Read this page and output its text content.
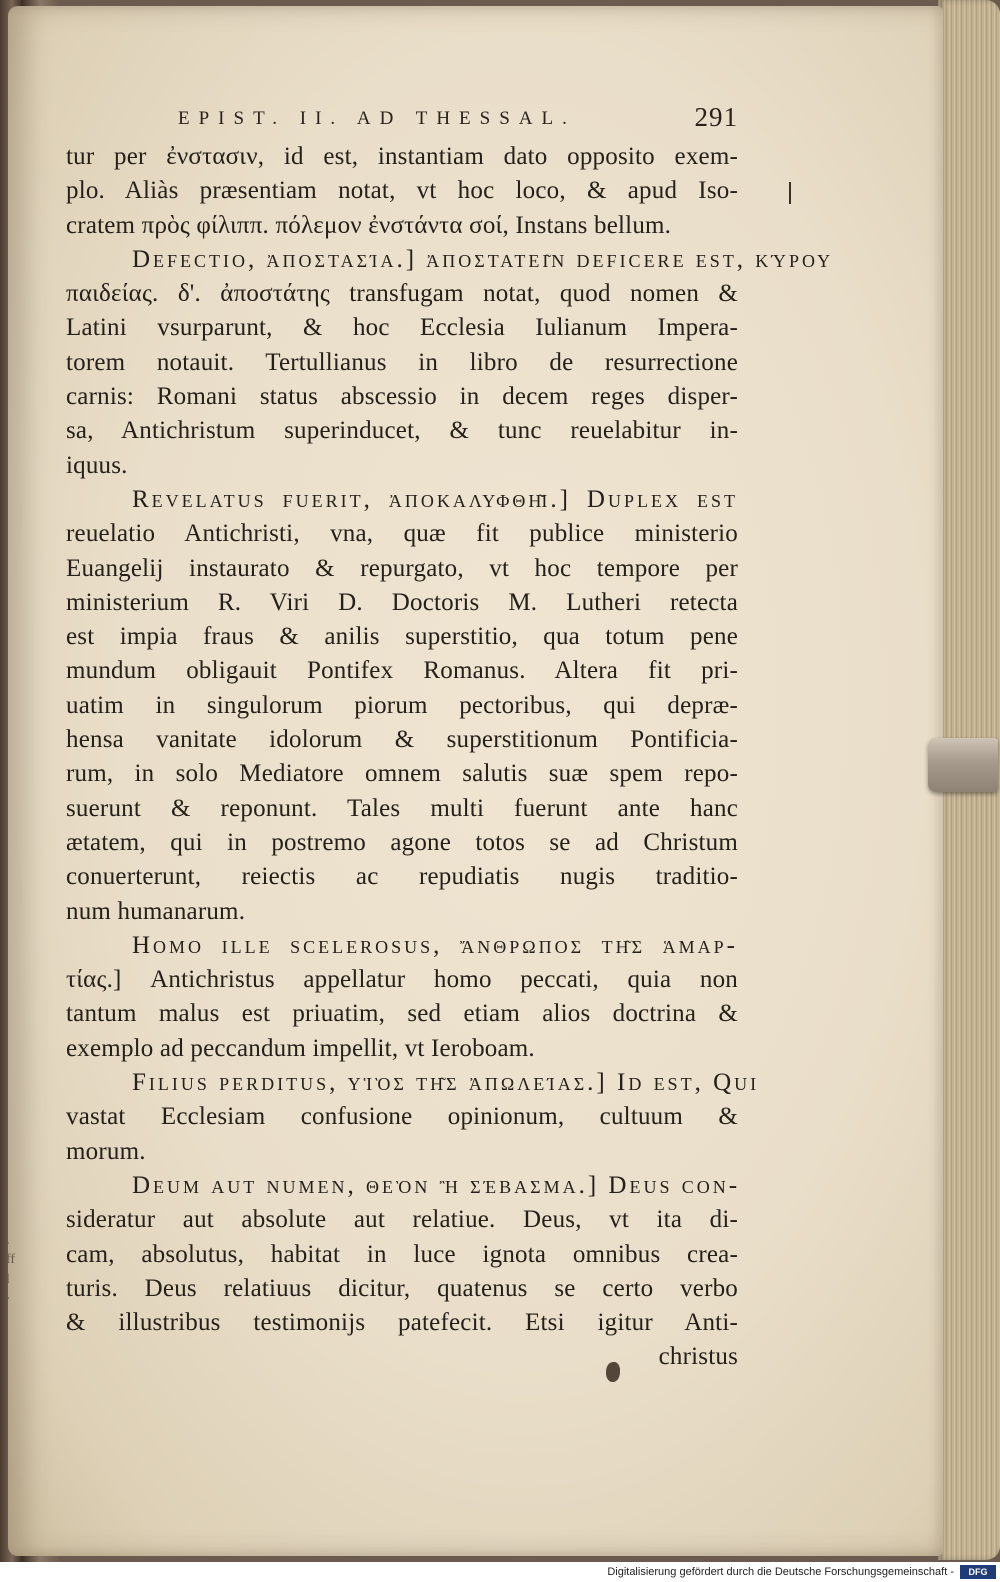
EPIST. II. AD THESSAL.	291
,
ff
l
·
tur per ἐνστασιν, id est, instantiam dato opposito exem-
plo. Aliàs præsentiam notat, vt hoc loco, & apud Iso-
cratem πρὸς φίλιππ. πόλεμον ἐνστάντα σοί, Instans bellum.
Defectio, ἀποστασία.] ἀποστατεῖν deficere est, κύρου
παιδείας. δ'. ἀποστάτης transfugam notat, quod nomen &
Latini vsurparunt, & hoc Ecclesia Iulianum Impera-
torem notauit. Tertullianus in libro de resurrectione
carnis: Romani status abscessio in decem reges disper-
sa, Antichristum superinducet, & tunc reuelabitur in-
iquus.
Revelatus fuerit, ἀποκαλυφθῇ.] Duplex est
reuelatio Antichristi, vna, quæ fit publice ministerio
Euangelij instaurato & repurgato, vt hoc tempore per
ministerium R. Viri D. Doctoris M. Lutheri retecta
est impia fraus & anilis superstitio, qua totum pene
mundum obligauit Pontifex Romanus. Altera fit pri-
uatim in singulorum piorum pectoribus, qui depræ-
hensa vanitate idolorum & superstitionum Pontificia-
rum, in solo Mediatore omnem salutis suæ spem repo-
suerunt & reponunt. Tales multi fuerunt ante hanc
ætatem, qui in postremo agone totos se ad Christum
conuerterunt, reiectis ac repudiatis nugis traditio-
num humanarum.
Homo ille scelerosus, ἄνθρωπος τῆς ἁμαρ-
τίας.] Antichristus appellatur homo peccati, quia non
tantum malus est priuatim, sed etiam alios doctrina &
exemplo ad peccandum impellit, vt Ieroboam.
Filius perditus, υἱὸς τῆς ἀπωλείας.] Id est, Qui
vastat Ecclesiam confusione opinionum, cultuum &
morum.
Deum aut numen, θεὸν ἢ σέβασμα.] Deus con-
sideratur aut absolute aut relatiue. Deus, vt ita di-
cam, absolutus, habitat in luce ignota omnibus crea-
turis. Deus relatiuus dicitur, quatenus se certo verbo
& illustribus testimonijs patefecit. Etsi igitur Anti-
christus
Digitalisierung gefördert durch die Deutsche Forschungsgemeinschaft -	DFG
